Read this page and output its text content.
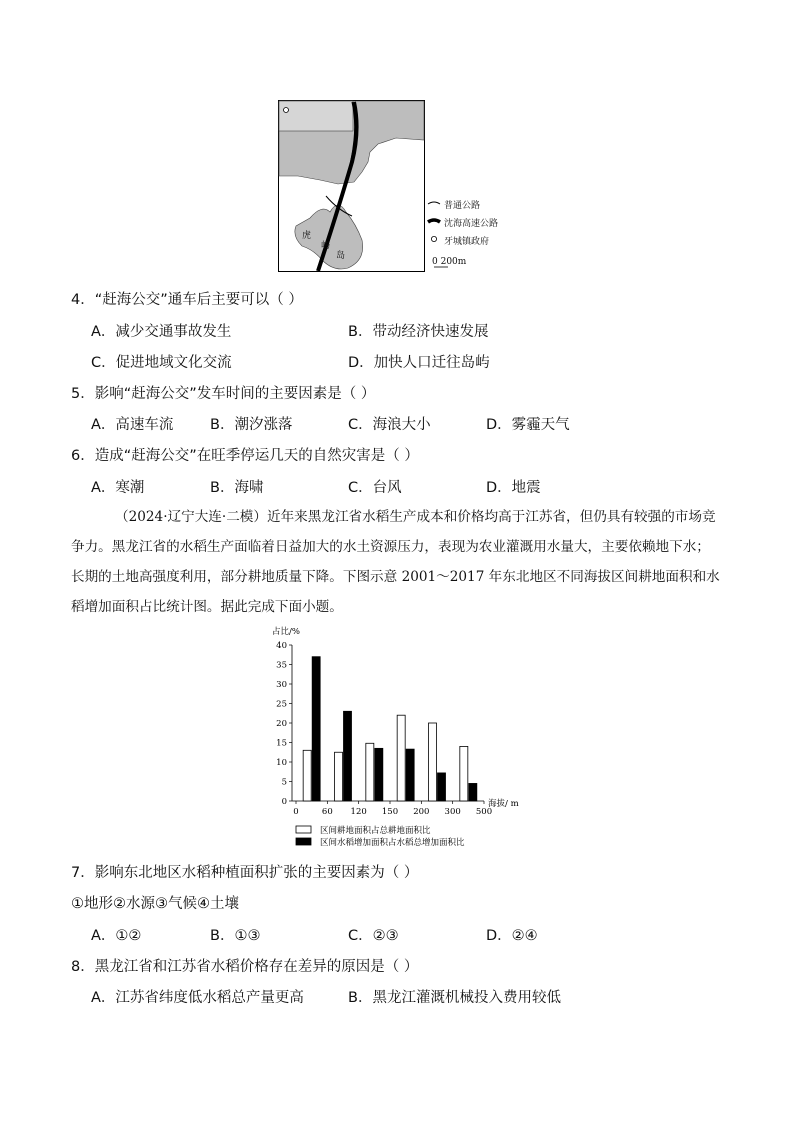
虎
屿
岛
普通公路
沈海高速公路
牙城镇政府
0 200m
4．“赶海公交”通车后主要可以（ ）
A．减少交通事故发生	B．带动经济快速发展
C．促进地域文化交流	D．加快人口迁往岛屿
5．影响“赶海公交”发车时间的主要因素是（ ）
A．高速车流	B．潮汐涨落	C．海浪大小	D．雾霾天气
6．造成“赶海公交”在旺季停运几天的自然灾害是（ ）
A．寒潮	B．海啸	C．台风	D．地震
（2024·辽宁大连·二模）近年来黑龙江省水稻生产成本和价格均高于江苏省，但仍具有较强的市场竞
争力。黑龙江省的水稻生产面临着日益加大的水土资源压力，表现为农业灌溉用水量大，主要依赖地下水；
长期的土地高强度利用，部分耕地质量下降。下图示意 2001～2017 年东北地区不同海拔区间耕地面积和水
稻增加面积占比统计图。据此完成下面小题。
占比/%
海拔/ m
0
5
10
15
20
25
30
35
40
0	60 120 150 200 300 500
区间耕地面积占总耕地面积比
区间水稻增加面积占水稻总增加面积比
7．影响东北地区水稻种植面积扩张的主要因素为（ ）
①地形②水源③气候④土壤
A．①②	B．①③	C．②③	D．②④
8．黑龙江省和江苏省水稻价格存在差异的原因是（ ）
A．江苏省纬度低水稻总产量更高	B．黑龙江灌溉机械投入费用较低
